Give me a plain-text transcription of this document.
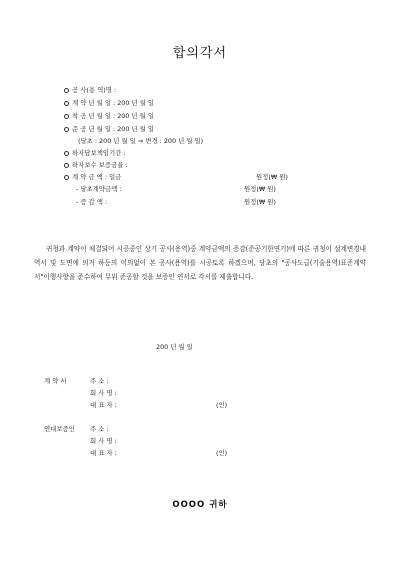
합의각서
공 사(용 역)명 :
계 약 년 월 일 : 200 년 월 일
착 공 년 월 일 : 200 년 월 일
준 공 년 월 일 : 200 년 월 일
(당초 : 200 년 월 일 ⇒ 변경 : 200 년 월 일)
하자담보책임기간 :
하자보수 보증금율 :
계 약 금 액 : 일금	원정(₩ 원)
- 당초계약금액 :	원정(₩ 원)
- 증 감 액 :	원정(₩ 원)
귀청과 계약이 체결되어 시공중인 상기 공사(용역)중 계약금액의 증감(준공기한연기)에 따른 귀청이 설계변경내역서 및 도면에 의거 하등의 이의없이 본 공사(용역)를 시공토록 하겠으며, 당초의 "공사도급(기술용역)표준계약서"이행사항을 준수하여 무위 준공할 것을 보증인 연서로 각서를 제출합니다.
200 년 월 일
계 약 서	주 소 :
회 사 명 :
대 표 자 :	(인)
연대보증인 주 소 :
회 사 명 :
대 표 자 :	(인)
OOOO 귀하
